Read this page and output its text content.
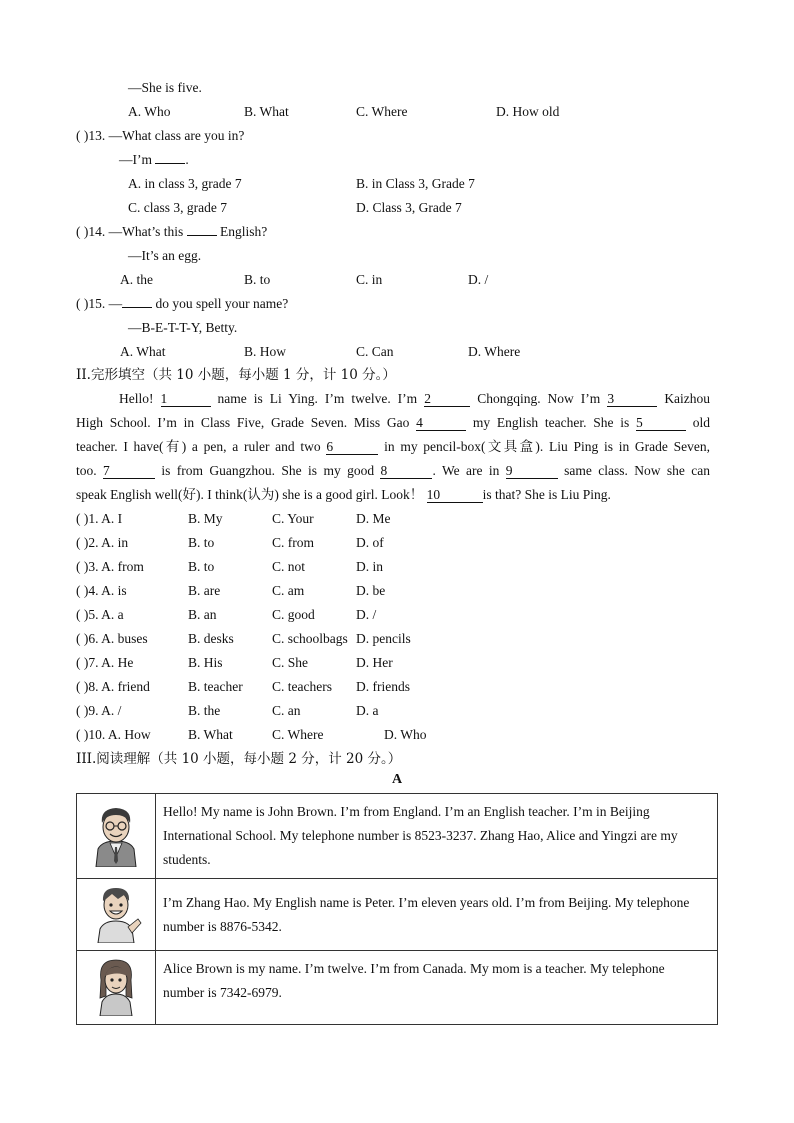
—She is five.
A. Who	B. What	C. Where	D. How old
( )13. —What class are you in?
—I’m .
A. in class 3, grade 7	B. in Class 3, Grade 7
C. class 3, grade 7	D. Class 3, Grade 7
( )14. —What’s this	English?
—It’s an egg.
A. the	B. to	C. in	D. /
( )15. — do you spell your name?
—B-E-T-T-Y, Betty.
A. What	B. How	C. Can	D. Where
II.完形填空（共 10 小题，每小题 1 分，计 10 分。）
Hello! 1	name is Li Ying. I’m twelve. I’m 2	Chongqing. Now I’m 3	Kaizhou
High School. I’m in Class Five, Grade Seven. Miss Gao 4	my English teacher. She is 5	old
teacher. I have(有) a pen, a ruler and two 6	in my pencil-box(文具盒). Liu Ping is in Grade Seven,
too. 7	is from Guangzhou. She is my good 8	. We are in 9	same class. Now she can
speak English well(好). I think(认为) she is a good girl. Look！ 10	is that? She is Liu Ping.
( )1. A. I	B. My	C. Your	D. Me
( )2. A. in	B. to	C. from	D. of
( )3. A. from	B. to	C. not	D. in
( )4. A. is	B. are	C. am	D. be
( )5. A. a	B. an	C. good	D. /
( )6. A. buses	B. desks	C. schoolbags D. pencils
( )7. A. He	B. His	C. She	D. Her
( )8. A. friend	B. teacher C. teachers D. friends
( )9. A. /	B. the	C. an	D. a
( )10. A. How	B. What	C. Where	D. Who
III.阅读理解（共 10 小题，每小题 2 分，计 20 分。）
A
	Hello! My name is John Brown. I’m from England. I’m an English teacher. I’m in Beijing International School. My telephone number is 8523-3237. Zhang Hao, Alice and Yingzi are my students.
	I’m Zhang Hao. My English name is Peter. I’m eleven years old. I’m from Beijing. My telephone number is 8876-5342.
	Alice Brown is my name. I’m twelve. I’m from Canada. My mom is a teacher. My telephone number is 7342-6979.
